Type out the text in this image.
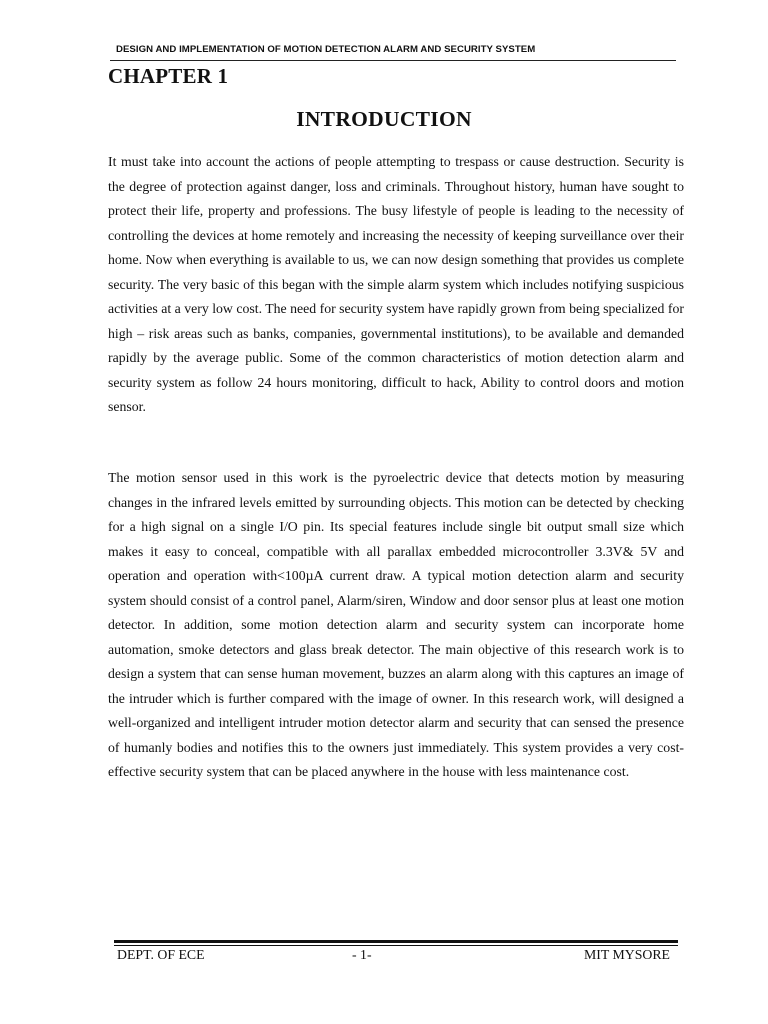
DESIGN AND IMPLEMENTATION OF MOTION DETECTION ALARM AND SECURITY SYSTEM
CHAPTER 1
INTRODUCTION

It must take into account the actions of people attempting to trespass or cause destruction. Security is the degree of protection against danger, loss and criminals. Throughout history, human have sought to protect their life, property and professions. The busy lifestyle of people is leading to the necessity of controlling the devices at home remotely and increasing the necessity of keeping surveillance over their home. Now when everything is available to us, we can now design something that provides us complete security. The very basic of this began with the simple alarm system which includes notifying suspicious activities at a very low cost. The need for security system have rapidly grown from being specialized for high – risk areas such as banks, companies, governmental institutions), to be available and demanded rapidly by the average public. Some of the common characteristics of motion detection alarm and security system as follow 24 hours monitoring, difficult to hack, Ability to control doors and motion sensor.

The motion sensor used in this work is the pyroelectric device that detects motion by measuring changes in the infrared levels emitted by surrounding objects. This motion can be detected by checking for a high signal on a single I/O pin. Its special features include single bit output small size which makes it easy to conceal, compatible with all parallax embedded microcontroller 3.3V& 5V and operation and operation with<100µA current draw. A typical motion detection alarm and security system should consist of a control panel, Alarm/siren, Window and door sensor plus at least one motion detector. In addition, some motion detection alarm and security system can incorporate home automation, smoke detectors and glass break detector. The main objective of this research work is to design a system that can sense human movement, buzzes an alarm along with this captures an image of the intruder which is further compared with the image of owner. In this research work, will designed a well-organized and intelligent intruder motion detector alarm and security that can sensed the presence of humanly bodies and notifies this to the owners just immediately. This system provides a very cost-effective security system that can be placed anywhere in the house with less maintenance cost.

DEPT. OF ECE	- 1-	MIT MYSORE
